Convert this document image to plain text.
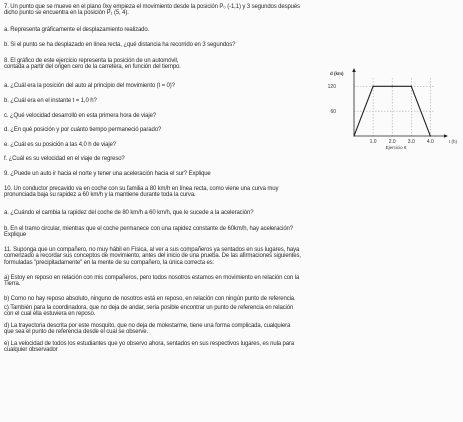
7. Un punto que se mueve en el plano 0xy empieza el movimiento desde la posición P₀ (-1,1) y 3 segundos después
dicho punto se encuentra en la posición P₁ (5, 4).
a. Representa gráficamente el desplazamiento realizado.
b. Si el punto se ha desplazado en línea recta, ¿qué distancia ha recorrido en 3 segundos?
8. El gráfico de este ejercicio representa la posición de un automóvil,
contada a partir del origen cero de la carretera, en función del tiempo.
a. ¿Cuál era la posición del auto al principio del movimiento (t = 0)?
b. ¿Cuál era en el instante t = 1,0 h?
c. ¿Qué velocidad desarrolló en esta primera hora de viaje?
d. ¿En qué posición y por cuánto tiempo permaneció parado?
e. ¿Cuál es su posición a las 4,0 h de viaje?
f. ¿Cuál es su velocidad en el viaje de regreso?
9. ¿Puede un auto ir hacia el norte y tener una aceleración hacia el sur? Explique
10. Un conductor precavido va en coche con su familia a 80 km/h en línea recta, como viene una curva muy
pronunciada baja su rapidez a 60 km/h y la mantiene durante toda la curva.
a. ¿Cuándo el cambia la rapidez del coche de 80 km/h a 60 km/h, que le sucede a la aceleración?
b. En el tramo circular, mientras que el coche permanece con una rapidez constante de 60km/h, hay aceleración?
Explique
11. Suponga que un compañero, no muy hábil en Física, al ver a sus compañeros ya sentados en sus lugares, haya
comenzado a recordar sus conceptos de movimiento, antes del inicio de una prueba. De las afirmaciones siguientes,
formuladas "precipitadamente" en la mente de su compañero, la única correcta es:
a) Estoy en reposo en relación con mis compañeros, pero todos nosotros estamos en movimiento en relación con la
Tierra.
b) Como no hay reposo absoluto, ninguno de nosotros está en reposo, en relación con ningún punto de referencia.
c) También para la coordinadora, que no deja de andar, sería posible encontrar un punto de referencia en relación
con el cual ella estuviera en reposo.
d) La trayectoria descrita por este mosquito, que no deja de molestarme, tiene una forma complicada, cualquiera
que sea el punto de referencia desde el cual se observe.
e) La velocidad de todos los estudiantes que yo observo ahora, sentados en sus respectivos lugares, es nula para
cualquier observador
1.0 2.0 3.0 4.0
60
120
d (km)
t (h)
Ejercicio 8
